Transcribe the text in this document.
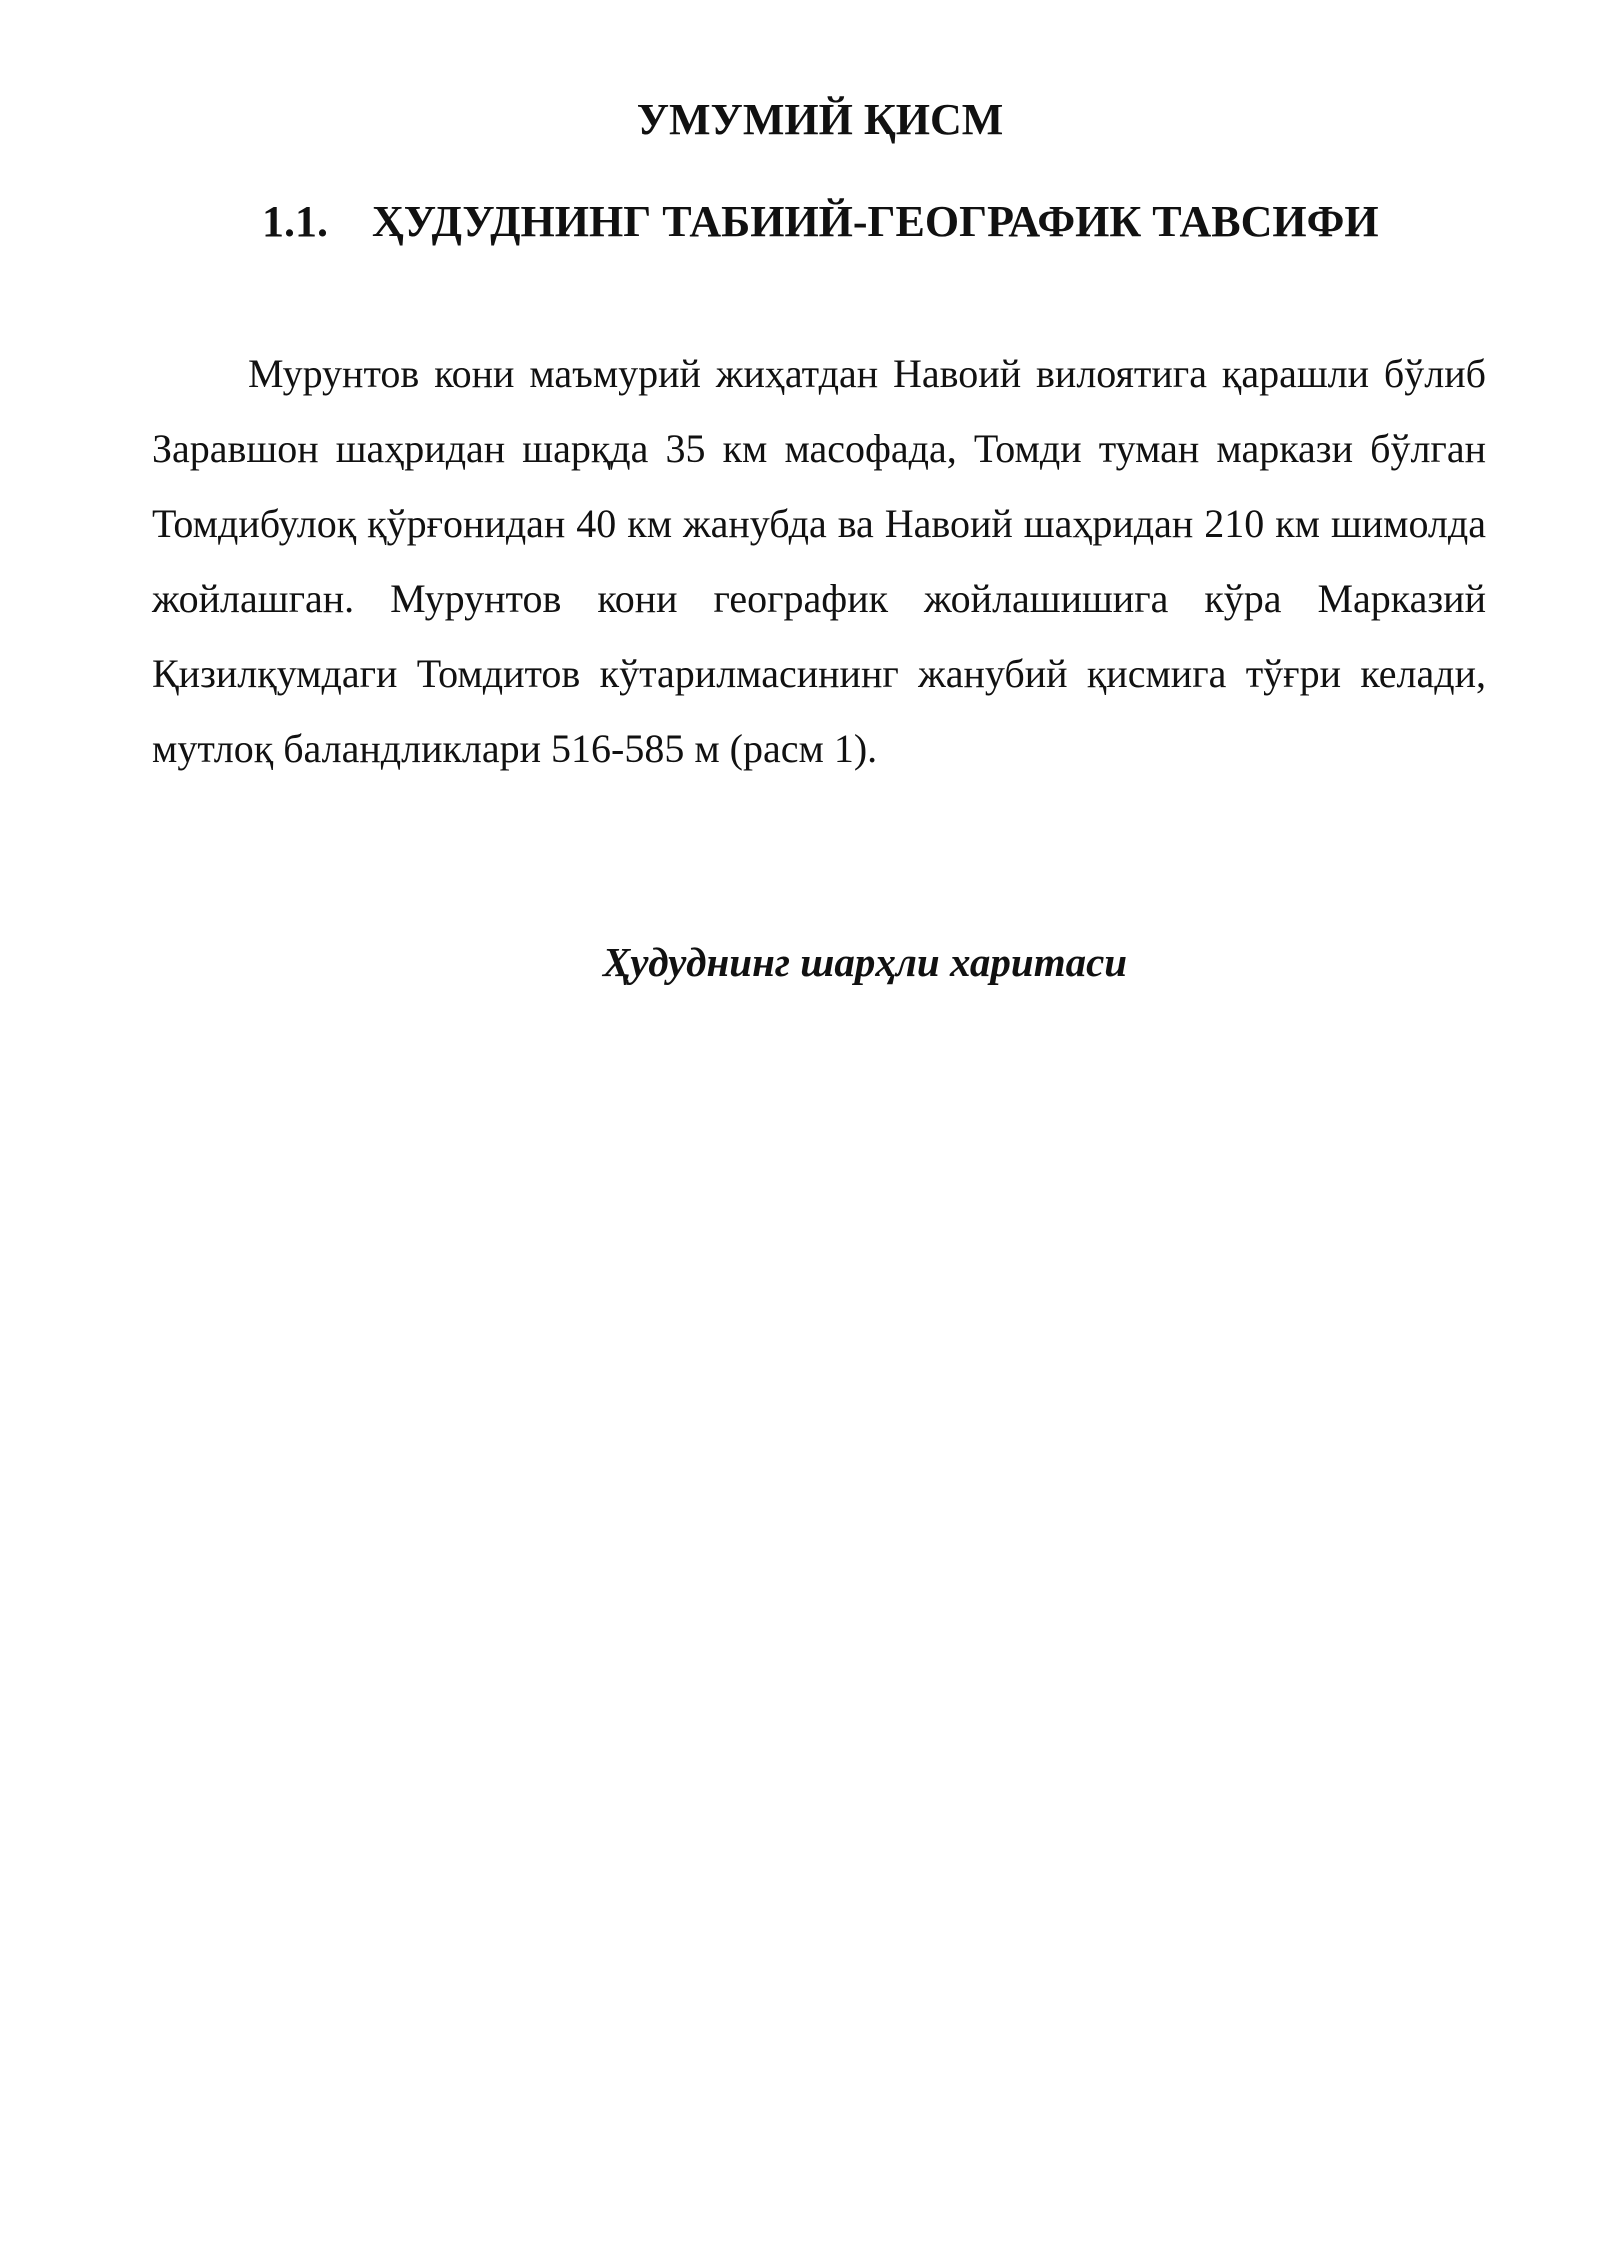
УМУМИЙ ҚИСМ
1.1. ҲУДУДНИНГ ТАБИИЙ-ГЕОГРАФИК ТАВСИФИ

Мурунтов кони маъмурий жиҳатдан Навоий вилоятига қарашли бўлиб Заравшон шаҳридан шарқда 35 км масофада, Томди туман маркази бўлган Томдибулоқ қўрғонидан 40 км жанубда ва Навоий шаҳридан 210 км шимолда жойлашган. Мурунтов кони географик жойлашишига кўра Марказий Қизилқумдаги Томдитов кўтарилмасининг жанубий қисмига тўғри келади, мутлоқ баландликлари 516-585 м (расм 1).

Ҳудуднинг шарҳли харитаси
